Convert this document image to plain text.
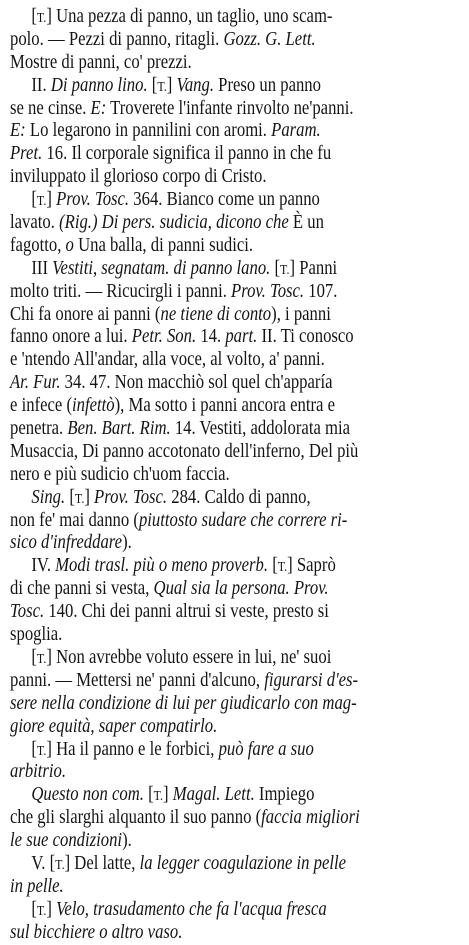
[T.] Una pezza di panno, un taglio, uno scam-
polo. — Pezzi di panno, ritagli. Gozz. G. Lett.
Mostre di panni, co' prezzi.
II. Di panno lino. [T.] Vang. Preso un panno
se ne cinse. E: Troverete l'infante rinvolto ne'panni.
E: Lo legarono in pannilini con aromi. Param.
Pret. 16. Il corporale significa il panno in che fu
inviluppato il glorioso corpo di Cristo.
[T.] Prov. Tosc. 364. Bianco come un panno
lavato. (Rig.) Di pers. sudicia, dicono che È un
fagotto, o Una balla, di panni sudici.
III Vestiti, segnatam. di panno lano. [T.] Panni
molto triti. — Ricucirgli i panni. Prov. Tosc. 107.
Chi fa onore ai panni (ne tiene di conto), i panni
fanno onore a lui. Petr. Son. 14. part. II. Ti conosco
e 'ntendo All'andar, alla voce, al volto, a' panni.
Ar. Fur. 34. 47. Non macchiò sol quel ch'apparía
e infece (infettò), Ma sotto i panni ancora entra e
penetra. Ben. Bart. Rim. 14. Vestiti, addolorata mia
Musaccia, Di panno accotonato dell'inferno, Del più
nero e più sudicio ch'uom faccia.
Sing. [T.] Prov. Tosc. 284. Caldo di panno,
non fe' mai danno (piuttosto sudare che correre ri-
sico d'infreddare).
IV. Modi trasl. più o meno proverb. [T.] Saprò
di che panni si vesta, Qual sia la persona. Prov.
Tosc. 140. Chi dei panni altrui si veste, presto si
spoglia.
[T.] Non avrebbe voluto essere in lui, ne' suoi
panni. — Mettersi ne' panni d'alcuno, figurarsi d'es-
sere nella condizione di lui per giudicarlo con mag-
giore equità, saper compatirlo.
[T.] Ha il panno e le forbici, può fare a suo
arbitrio.
Questo non com. [T.] Magal. Lett. Impiego
che gli slarghi alquanto il suo panno (faccia migliori
le sue condizioni).
V. [T.] Del latte, la legger coagulazione in pelle
in pelle.
[T.] Velo, trasudamento che fa l'acqua fresca
sul bicchiere o altro vaso.
